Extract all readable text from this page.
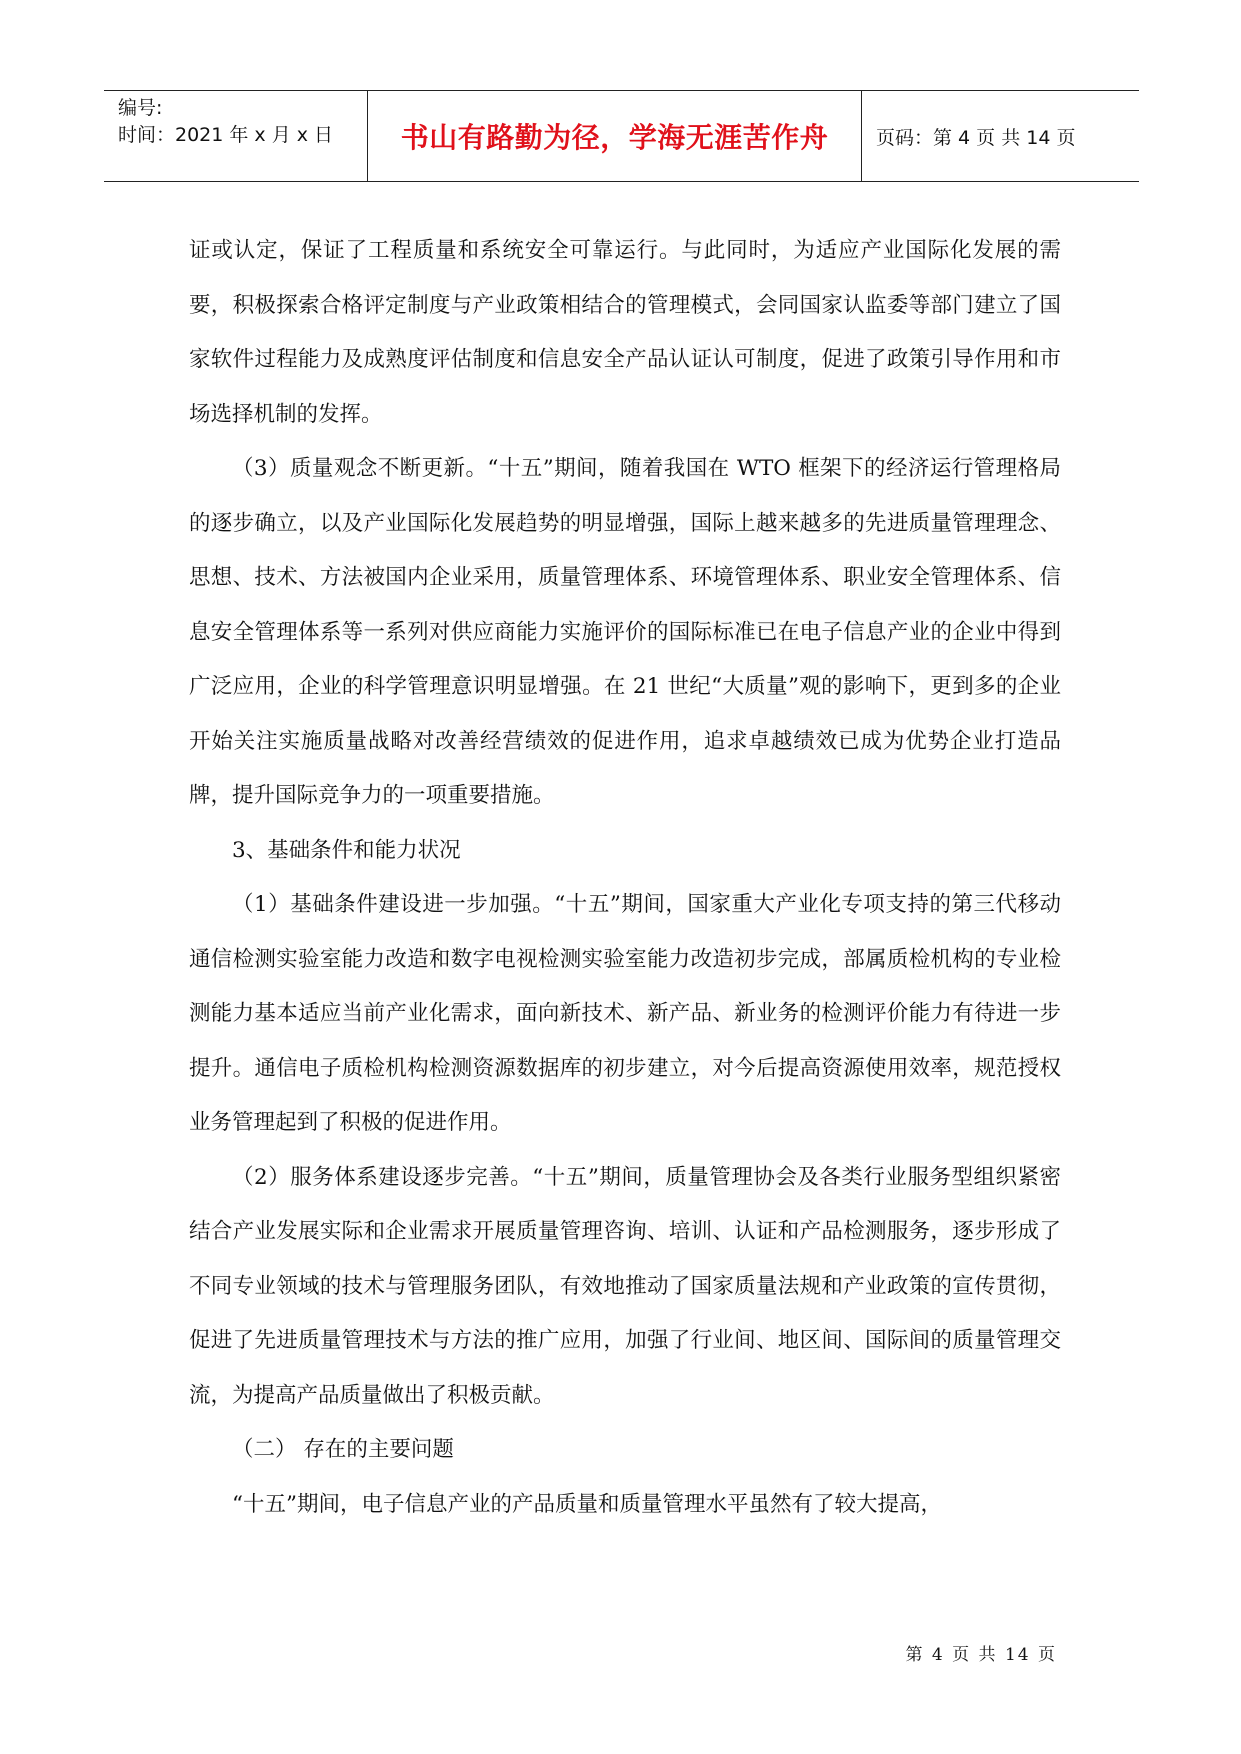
编号:
时间：2021 年 x 月 x 日 书山有路勤为径，学海无涯苦作舟	页码：第 4 页 共 14 页

证或认定，保证了工程质量和系统安全可靠运行。与此同时，为适应产业国际化发展的需要，积极探索合格评定制度与产业政策相结合的管理模式，会同国家认监委等部门建立了国家软件过程能力及成熟度评估制度和信息安全产品认证认可制度，促进了政策引导作用和市场选择机制的发挥。

（3）质量观念不断更新。“十五”期间，随着我国在 WTO 框架下的经济运行管理格局的逐步确立，以及产业国际化发展趋势的明显增强，国际上越来越多的先进质量管理理念、思想、技术、方法被国内企业采用，质量管理体系、环境管理体系、职业安全管理体系、信息安全管理体系等一系列对供应商能力实施评价的国际标准已在电子信息产业的企业中得到广泛应用，企业的科学管理意识明显增强。在 21 世纪“大质量”观的影响下，更到多的企业开始关注实施质量战略对改善经营绩效的促进作用，追求卓越绩效已成为优势企业打造品牌，提升国际竞争力的一项重要措施。

3、基础条件和能力状况

（1）基础条件建设进一步加强。“十五”期间，国家重大产业化专项支持的第三代移动通信检测实验室能力改造和数字电视检测实验室能力改造初步完成，部属质检机构的专业检测能力基本适应当前产业化需求，面向新技术、新产品、新业务的检测评价能力有待进一步提升。通信电子质检机构检测资源数据库的初步建立，对今后提高资源使用效率，规范授权业务管理起到了积极的促进作用。

（2）服务体系建设逐步完善。“十五”期间，质量管理协会及各类行业服务型组织紧密结合产业发展实际和企业需求开展质量管理咨询、培训、认证和产品检测服务，逐步形成了不同专业领域的技术与管理服务团队，有效地推动了国家质量法规和产业政策的宣传贯彻，促进了先进质量管理技术与方法的推广应用，加强了行业间、地区间、国际间的质量管理交流，为提高产品质量做出了积极贡献。

（二） 存在的主要问题

“十五”期间，电子信息产业的产品质量和质量管理水平虽然有了较大提高，

第 4 页 共 14 页
